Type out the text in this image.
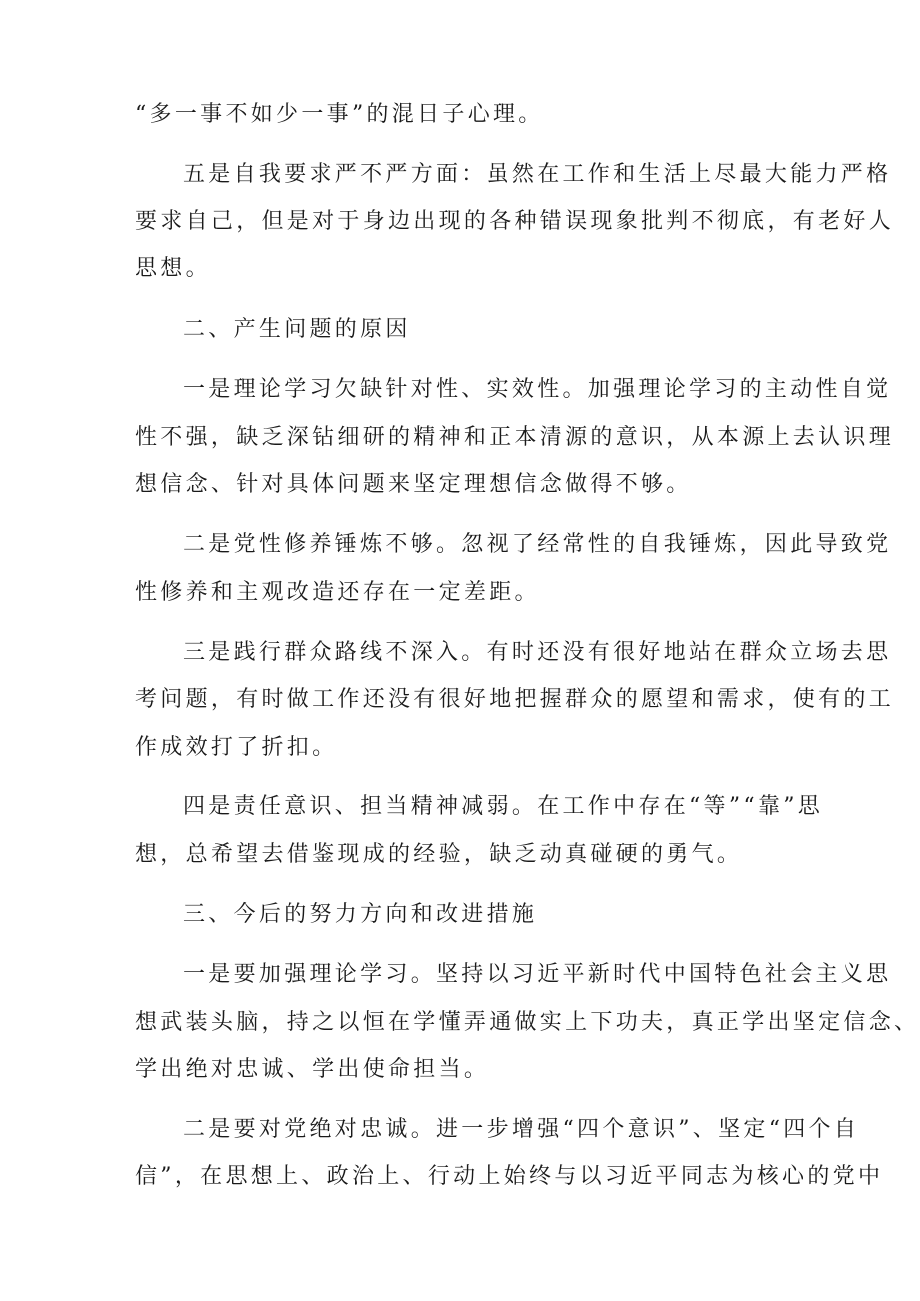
“多一事不如少一事”的混日子心理。

五是自我要求严不严方面：虽然在工作和生活上尽最大能力严格

要求自己，但是对于身边出现的各种错误现象批判不彻底，有老好人

思想。

二、产生问题的原因

一是理论学习欠缺针对性、实效性。加强理论学习的主动性自觉

性不强，缺乏深钻细研的精神和正本清源的意识，从本源上去认识理

想信念、针对具体问题来坚定理想信念做得不够。

二是党性修养锤炼不够。忽视了经常性的自我锤炼，因此导致党

性修养和主观改造还存在一定差距。

三是践行群众路线不深入。有时还没有很好地站在群众立场去思

考问题，有时做工作还没有很好地把握群众的愿望和需求，使有的工

作成效打了折扣。

四是责任意识、担当精神减弱。在工作中存在“等”“靠”思

想，总希望去借鉴现成的经验，缺乏动真碰硬的勇气。

三、今后的努力方向和改进措施

一是要加强理论学习。坚持以习近平新时代中国特色社会主义思

想武装头脑，持之以恒在学懂弄通做实上下功夫，真正学出坚定信念、

学出绝对忠诚、学出使命担当。

二是要对党绝对忠诚。进一步增强“四个意识”、坚定“四个自

信”，在思想上、政治上、行动上始终与以习近平同志为核心的党中
